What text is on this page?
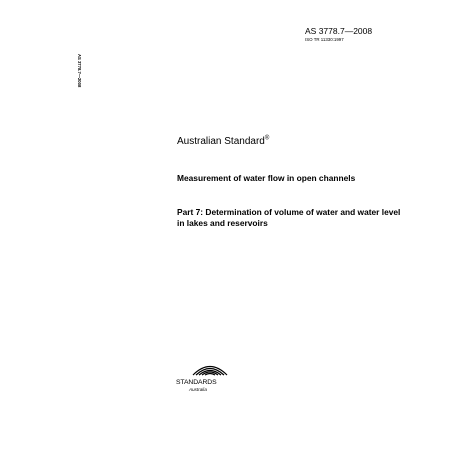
AS 3778.7—2008
ISO TR 11330:1997
AS 3778.7—2008
Australian Standard®

Measurement of water flow in open channels

Part 7: Determination of volume of water and water level in lakes and reservoirs

STANDARDS
Australia
